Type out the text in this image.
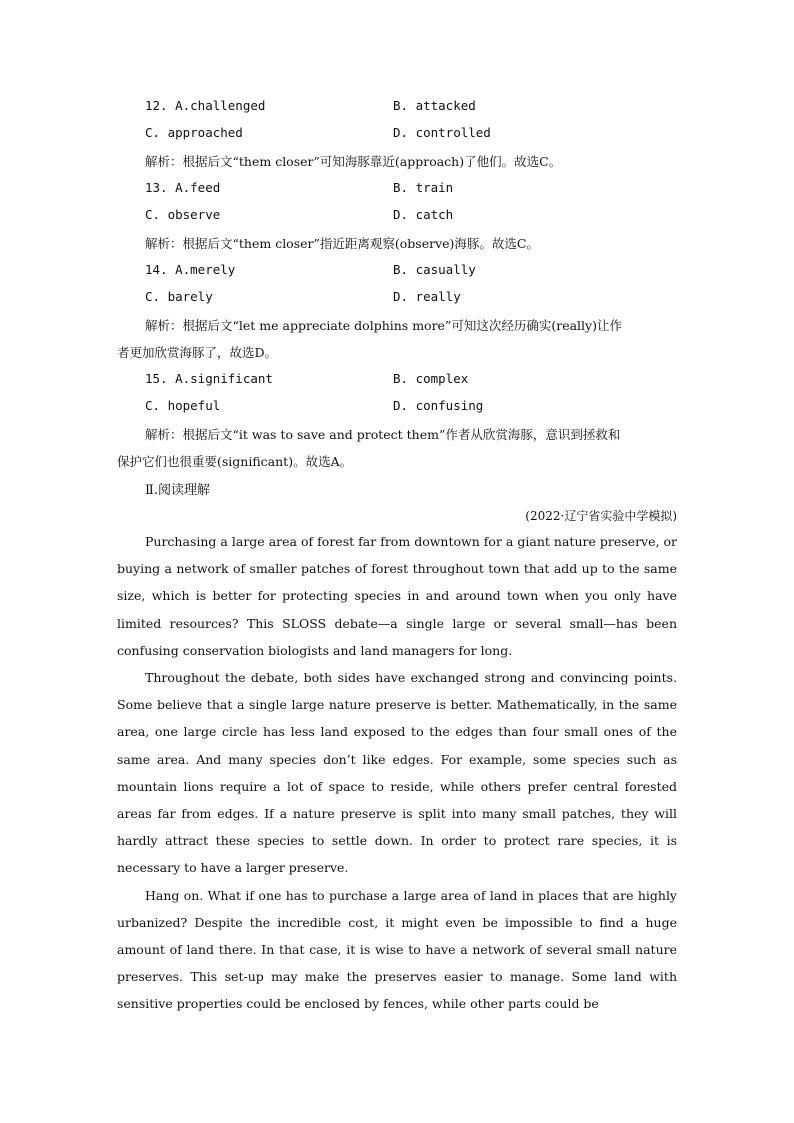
12. A.challenged	B. attacked
C. approached	D. controlled
解析：根据后文“them closer”可知海豚靠近(approach)了他们。故选C。
13. A.feed	B. train
C. observe	D. catch
解析：根据后文“them closer”指近距离观察(observe)海豚。故选C。
14. A.merely	B. casually
C. barely	D. really
解析：根据后文“let me appreciate dolphins more”可知这次经历确实(really)让作
者更加欣赏海豚了，故选D。
15. A.significant	B. complex
C. hopeful	D. confusing
解析：根据后文“it was to save and protect them”作者从欣赏海豚，意识到拯救和
保护它们也很重要(significant)。故选A。
Ⅱ.阅读理解
(2022·辽宁省实验中学模拟)

Purchasing a large area of forest far from downtown for a giant nature preserve, or buying a network of smaller patches of forest throughout town that add up to the same size, which is better for protecting species in and around town when you only have limited resources? This SLOSS debate—a single large or several small—has been confusing conservation biologists and land managers for long.

Throughout the debate, both sides have exchanged strong and convincing points. Some believe that a single large nature preserve is better. Mathematically, in the same area, one large circle has less land exposed to the edges than four small ones of the same area. And many species don’t like edges. For example, some species such as mountain lions require a lot of space to reside, while others prefer central forested areas far from edges. If a nature preserve is split into many small patches, they will hardly attract these species to settle down. In order to protect rare species, it is necessary to have a larger preserve.

Hang on. What if one has to purchase a large area of land in places that are highly urbanized? Despite the incredible cost, it might even be impossible to find a huge amount of land there. In that case, it is wise to have a network of several small nature preserves. This set-up may make the preserves easier to manage. Some land with sensitive properties could be enclosed by fences, while other parts could be
